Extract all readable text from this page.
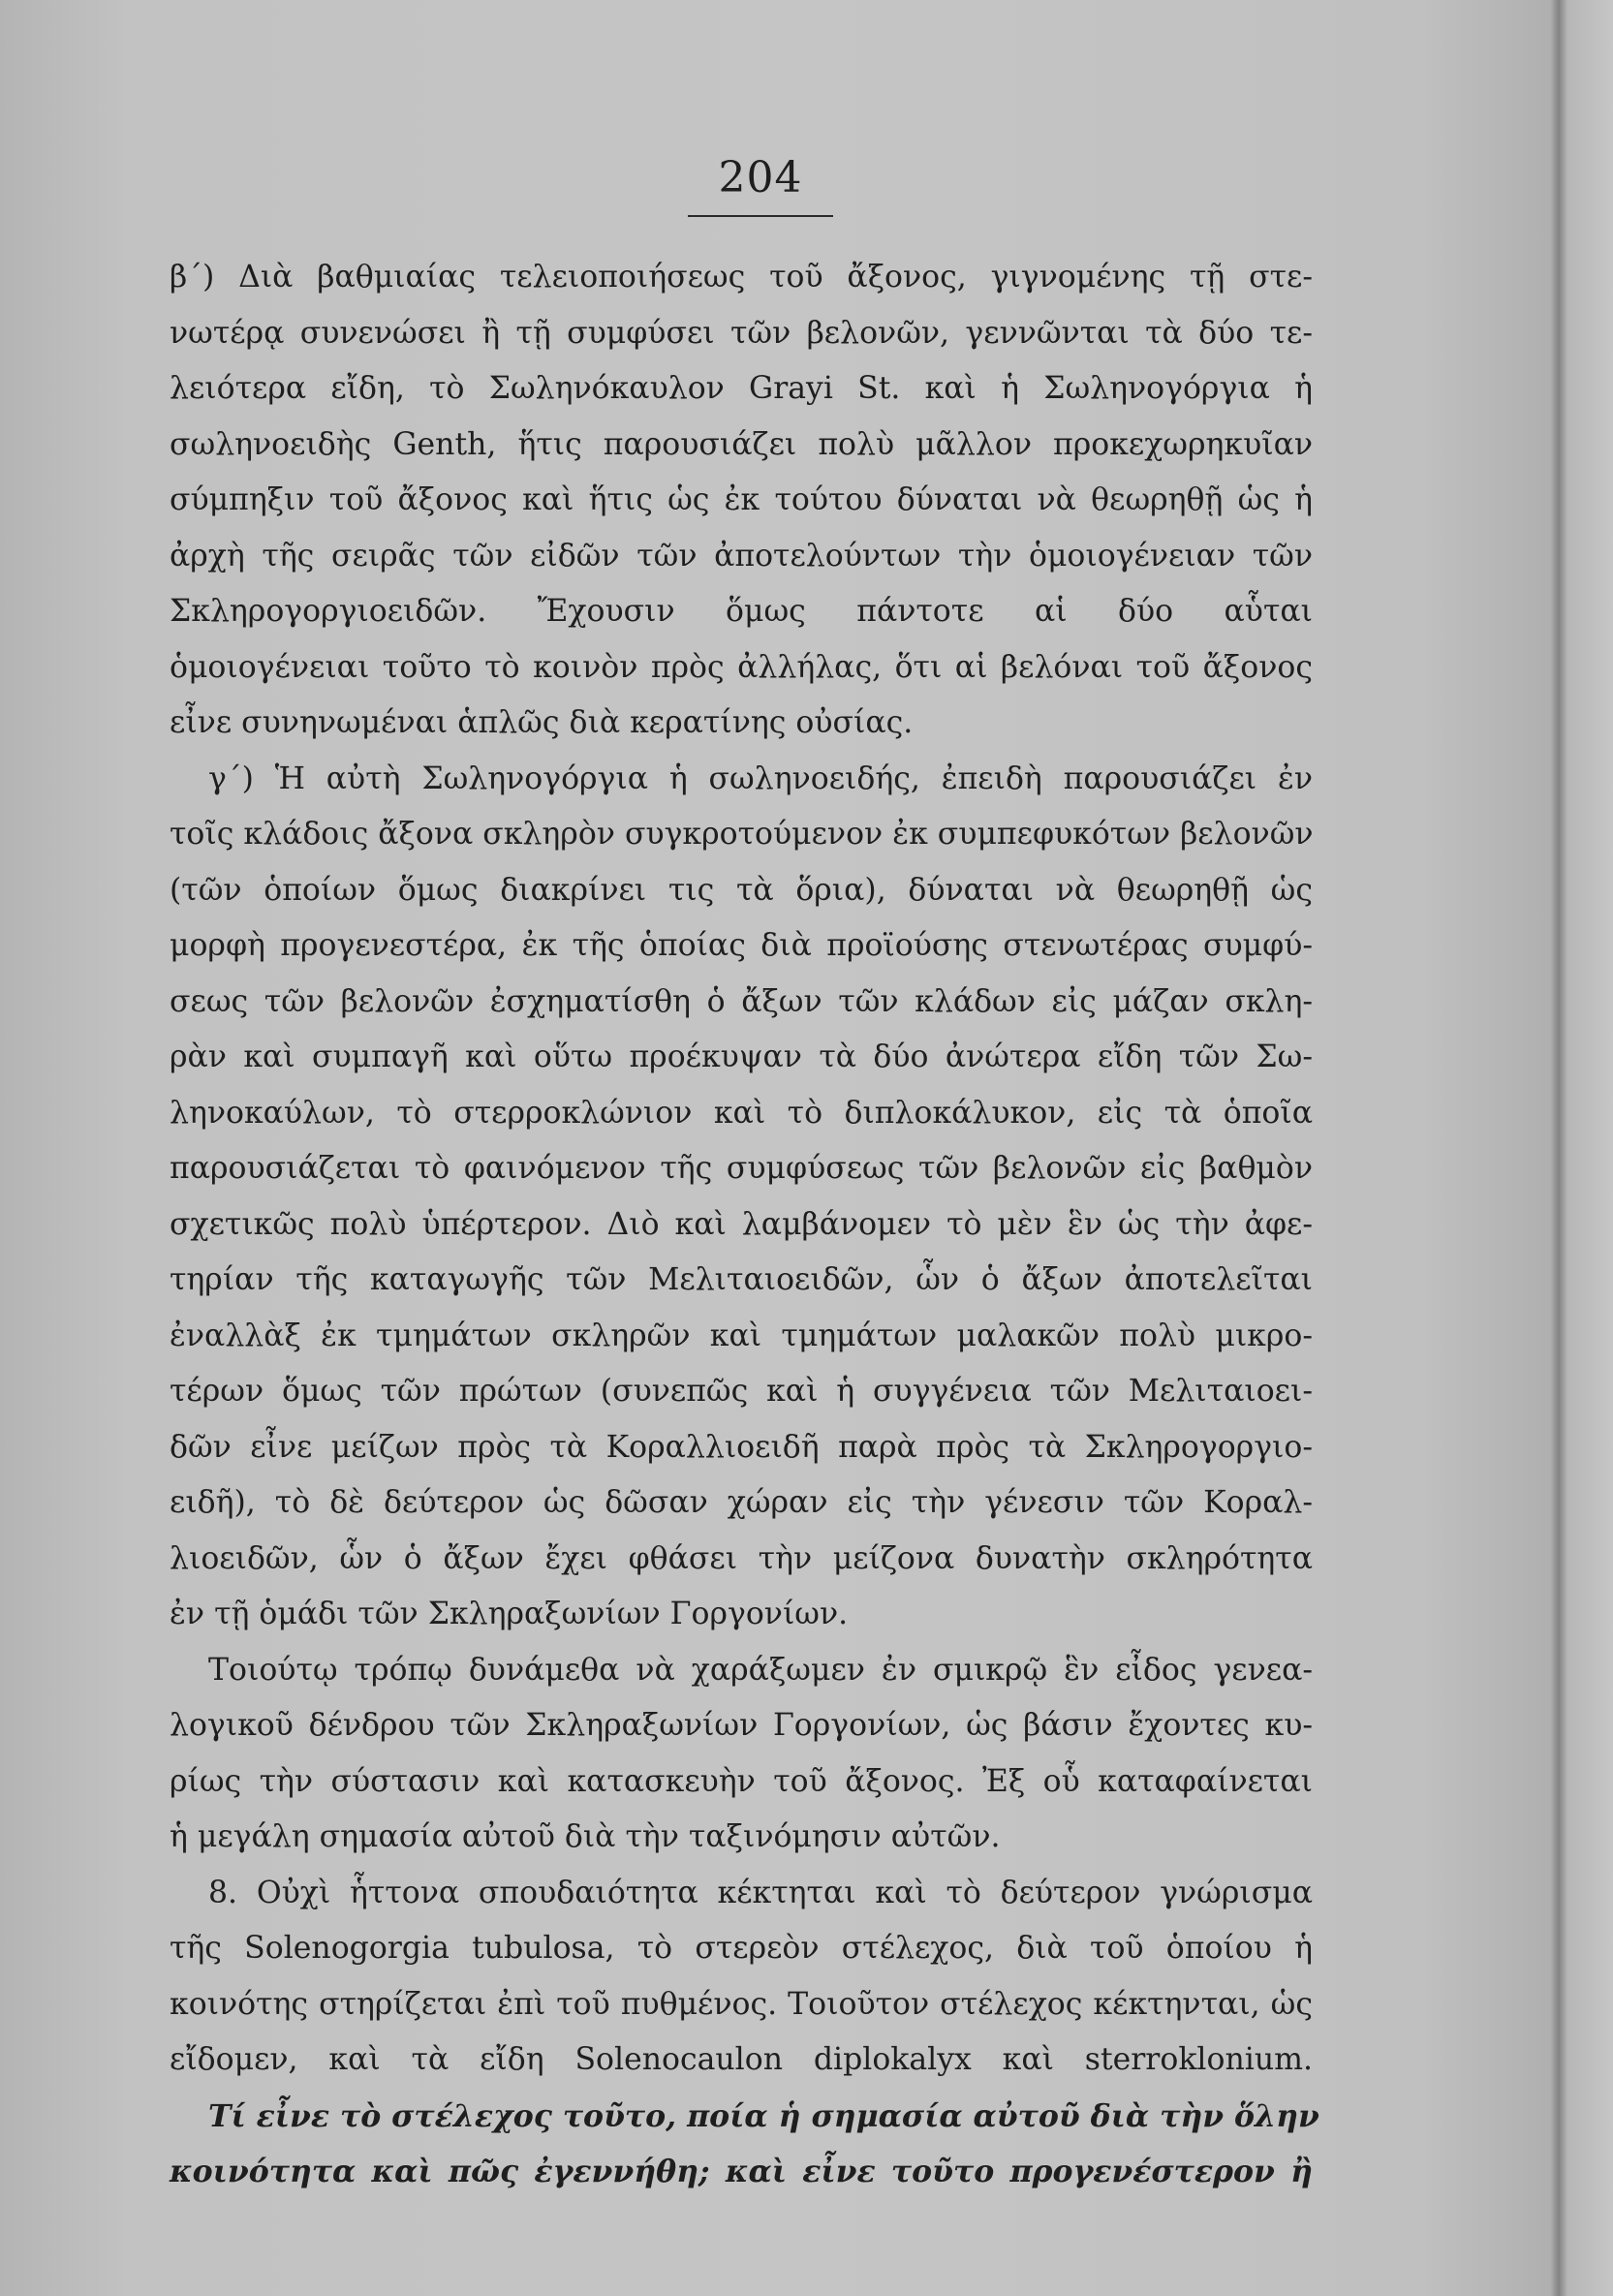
204
β΄) Διὰ βαθμιαίας τελειοποιήσεως τοῦ ἄξονος, γιγνομένης τῇ στε-
νωτέρᾳ συνενώσει ἢ τῇ συμφύσει τῶν βελονῶν, γεννῶνται τὰ δύο τε-
λειότερα εἴδη, τὸ Σωληνόκαυλον Grayi St. καὶ ἡ Σωληνογόργια ἡ
σωληνοειδὴς Genth, ἥτις παρουσιάζει πολὺ μᾶλλον προκεχωρηκυῖαν
σύμπηξιν τοῦ ἄξονος καὶ ἥτις ὡς ἐκ τούτου δύναται νὰ θεωρηθῇ ὡς ἡ
ἀρχὴ τῆς σειρᾶς τῶν εἰδῶν τῶν ἀποτελούντων τὴν ὁμοιογένειαν τῶν
Σκληρογοργιοειδῶν. Ἔχουσιν ὅμως πάντοτε αἱ δύο αὗται
ὁμοιογένειαι τοῦτο τὸ κοινὸν πρὸς ἀλλήλας, ὅτι αἱ βελόναι τοῦ ἄξονος
εἶνε συνηνωμέναι ἁπλῶς διὰ κερατίνης οὐσίας.
γ΄) Ἡ αὐτὴ Σωληνογόργια ἡ σωληνοειδής, ἐπειδὴ παρουσιάζει ἐν
τοῖς κλάδοις ἄξονα σκληρὸν συγκροτούμενον ἐκ συμπεφυκότων βελονῶν
(τῶν ὁποίων ὅμως διακρίνει τις τὰ ὅρια), δύναται νὰ θεωρηθῇ ὡς
μορφὴ προγενεστέρα, ἐκ τῆς ὁποίας διὰ προϊούσης στενωτέρας συμφύ-
σεως τῶν βελονῶν ἐσχηματίσθη ὁ ἄξων τῶν κλάδων εἰς μάζαν σκλη-
ρὰν καὶ συμπαγῆ καὶ οὕτω προέκυψαν τὰ δύο ἀνώτερα εἴδη τῶν Σω-
ληνοκαύλων, τὸ στερροκλώνιον καὶ τὸ διπλοκάλυκον, εἰς τὰ ὁποῖα
παρουσιάζεται τὸ φαινόμενον τῆς συμφύσεως τῶν βελονῶν εἰς βαθμὸν
σχετικῶς πολὺ ὑπέρτερον. Διὸ καὶ λαμβάνομεν τὸ μὲν ἓν ὡς τὴν ἀφε-
τηρίαν τῆς καταγωγῆς τῶν Μελιταιοειδῶν, ὧν ὁ ἄξων ἀποτελεῖται
ἐναλλὰξ ἐκ τμημάτων σκληρῶν καὶ τμημάτων μαλακῶν πολὺ μικρο-
τέρων ὅμως τῶν πρώτων (συνεπῶς καὶ ἡ συγγένεια τῶν Μελιταιοει-
δῶν εἶνε μείζων πρὸς τὰ Κοραλλιοειδῆ παρὰ πρὸς τὰ Σκληρογοργιο-
ειδῆ), τὸ δὲ δεύτερον ὡς δῶσαν χώραν εἰς τὴν γένεσιν τῶν Κοραλ-
λιοειδῶν, ὧν ὁ ἄξων ἔχει φθάσει τὴν μείζονα δυνατὴν σκληρότητα
ἐν τῇ ὁμάδι τῶν Σκληραξωνίων Γοργονίων.
Τοιούτῳ τρόπῳ δυνάμεθα νὰ χαράξωμεν ἐν σμικρῷ ἓν εἶδος γενεα-
λογικοῦ δένδρου τῶν Σκληραξωνίων Γοργονίων, ὡς βάσιν ἔχοντες κυ-
ρίως τὴν σύστασιν καὶ κατασκευὴν τοῦ ἄξονος. Ἐξ οὗ καταφαίνεται
ἡ μεγάλη σημασία αὐτοῦ διὰ τὴν ταξινόμησιν αὐτῶν.
8. Οὐχὶ ἧττονα σπουδαιότητα κέκτηται καὶ τὸ δεύτερον γνώρισμα
τῆς Solenogorgia tubulosa, τὸ στερεὸν στέλεχος, διὰ τοῦ ὁποίου ἡ
κοινότης στηρίζεται ἐπὶ τοῦ πυθμένος. Τοιοῦτον στέλεχος κέκτηνται, ὡς
εἴδομεν, καὶ τὰ εἴδη Solenocaulon diplokalyx καὶ sterroklonium.
Τί εἶνε τὸ στέλεχος τοῦτο, ποία ἡ σημασία αὐτοῦ διὰ τὴν ὅλην
κοινότητα καὶ πῶς ἐγεννήθη; καὶ εἶνε τοῦτο προγενέστερον ἢ
